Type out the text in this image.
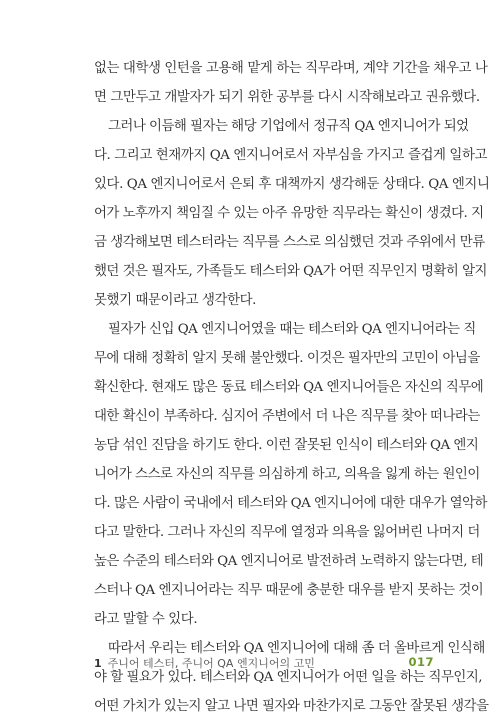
없는 대학생 인턴을 고용해 맡게 하는 직무라며, 계약 기간을 채우고 나
면 그만두고 개발자가 되기 위한 공부를 다시 시작해보라고 권유했다.
그러나 이듬해 필자는 해당 기업에서 정규직 QA 엔지니어가 되었
다. 그리고 현재까지 QA 엔지니어로서 자부심을 가지고 즐겁게 일하고
있다. QA 엔지니어로서 은퇴 후 대책까지 생각해둔 상태다. QA 엔지니
어가 노후까지 책임질 수 있는 아주 유망한 직무라는 확신이 생겼다. 지
금 생각해보면 테스터라는 직무를 스스로 의심했던 것과 주위에서 만류
했던 것은 필자도, 가족들도 테스터와 QA가 어떤 직무인지 명확히 알지
못했기 때문이라고 생각한다.
필자가 신입 QA 엔지니어였을 때는 테스터와 QA 엔지니어라는 직
무에 대해 정확히 알지 못해 불안했다. 이것은 필자만의 고민이 아님을
확신한다. 현재도 많은 동료 테스터와 QA 엔지니어들은 자신의 직무에
대한 확신이 부족하다. 심지어 주변에서 더 나은 직무를 찾아 떠나라는
농담 섞인 진담을 하기도 한다. 이런 잘못된 인식이 테스터와 QA 엔지
니어가 스스로 자신의 직무를 의심하게 하고, 의욕을 잃게 하는 원인이
다. 많은 사람이 국내에서 테스터와 QA 엔지니어에 대한 대우가 열악하
다고 말한다. 그러나 자신의 직무에 열정과 의욕을 잃어버린 나머지 더
높은 수준의 테스터와 QA 엔지니어로 발전하려 노력하지 않는다면, 테
스터나 QA 엔지니어라는 직무 때문에 충분한 대우를 받지 못하는 것이
라고 말할 수 있다.
따라서 우리는 테스터와 QA 엔지니어에 대해 좀 더 올바르게 인식해
야 할 필요가 있다. 테스터와 QA 엔지니어가 어떤 일을 하는 직무인지,
어떤 가치가 있는지 알고 나면 필자와 마찬가지로 그동안 잘못된 생각을
1 주니어 테스터, 주니어 QA 엔지니어의 고민	017
